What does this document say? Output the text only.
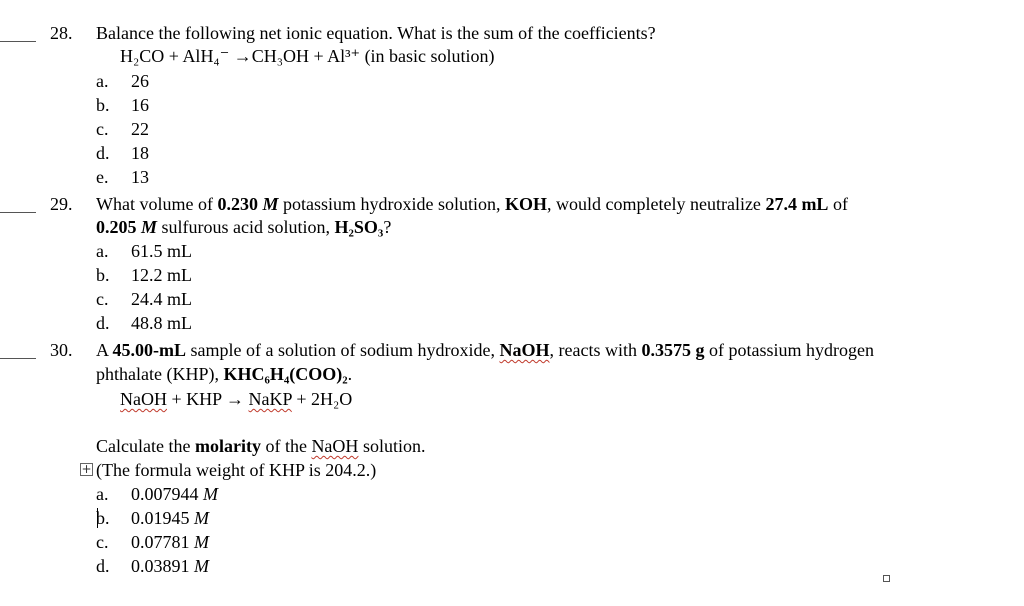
28. Balance the following net ionic equation. What is the sum of the coefficients?
H₂CO + AlH₄⁻ →CH₃OH + Al³⁺ (in basic solution)
a. 26
b. 16
c. 22
d. 18
e. 13
29. What volume of 0.230 M potassium hydroxide solution, KOH, would completely neutralize 27.4 mL of
0.205 M sulfurous acid solution, H₂SO₃?
a. 61.5 mL
b. 12.2 mL
c. 24.4 mL
d. 48.8 mL
30. A 45.00-mL sample of a solution of sodium hydroxide, NaOH, reacts with 0.3575 g of potassium hydrogen
phthalate (KHP), KHC₆H₄(COO)₂.
NaOH + KHP → NaKP + 2H₂O
Calculate the molarity of the NaOH solution.
+ (The formula weight of KHP is 204.2.)
a. 0.007944 M
b. 0.01945 M
c. 0.07781 M
d. 0.03891 M
